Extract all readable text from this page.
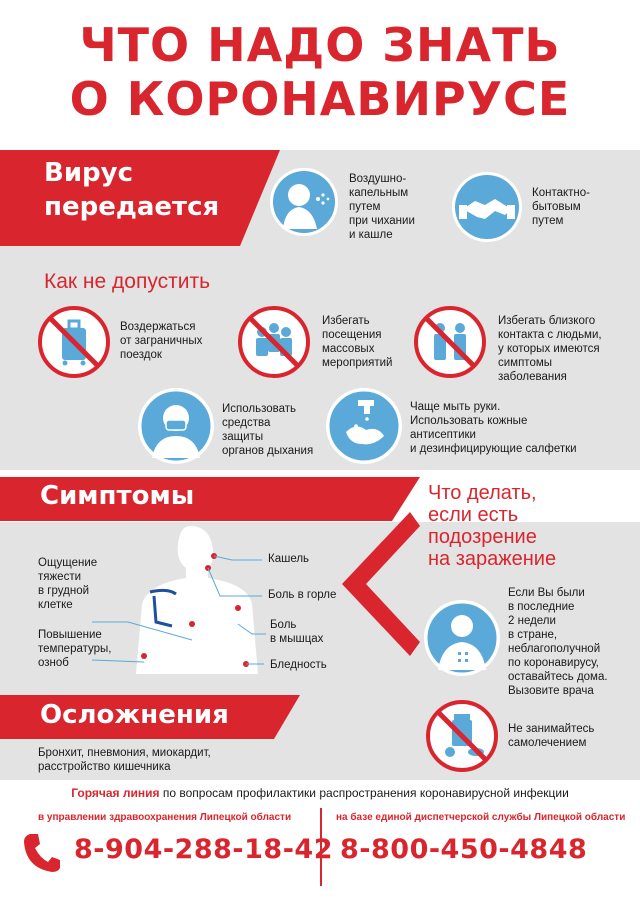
ЧТО НАДО ЗНАТЬ
О КОРОНАВИРУСЕ
Вирус
передается
Воздушно-
капельным
путем
при чихании
и кашле
Контактно-
бытовым
путем
Как не допустить
Воздержаться
от заграничных
поездок
Избегать
посещения
массовых
мероприятий
Избегать близкого
контакта с людьми,
у которых имеются
симптомы
заболевания
Использовать
средства
защиты
органов дыхания
Чаще мыть руки.
Использовать кожные
антисептики
и дезинфицирующие салфетки
Симптомы
Ощущение
тяжести
в грудной
клетке
Повышение
температуры,
озноб
Кашель
Боль в горле
Боль
в мышцах
Бледность
Что делать,
если есть
подозрение
на заражение
Если Вы были
в последние
2 недели
в стране,
неблагополучной
по коронавирусу,
оставайтесь дома.
Вызовите врача
Не занимайтесь
самолечением
Осложнения
Бронхит, пневмония, миокардит,
расстройство кишечника
Горячая линия по вопросам профилактики распространения коронавирусной инфекции
в управлении здравоохранения Липецкой области	на базе единой диспетчерской службы Липецкой области
8-904-288-18-42 8-800-450-4848
